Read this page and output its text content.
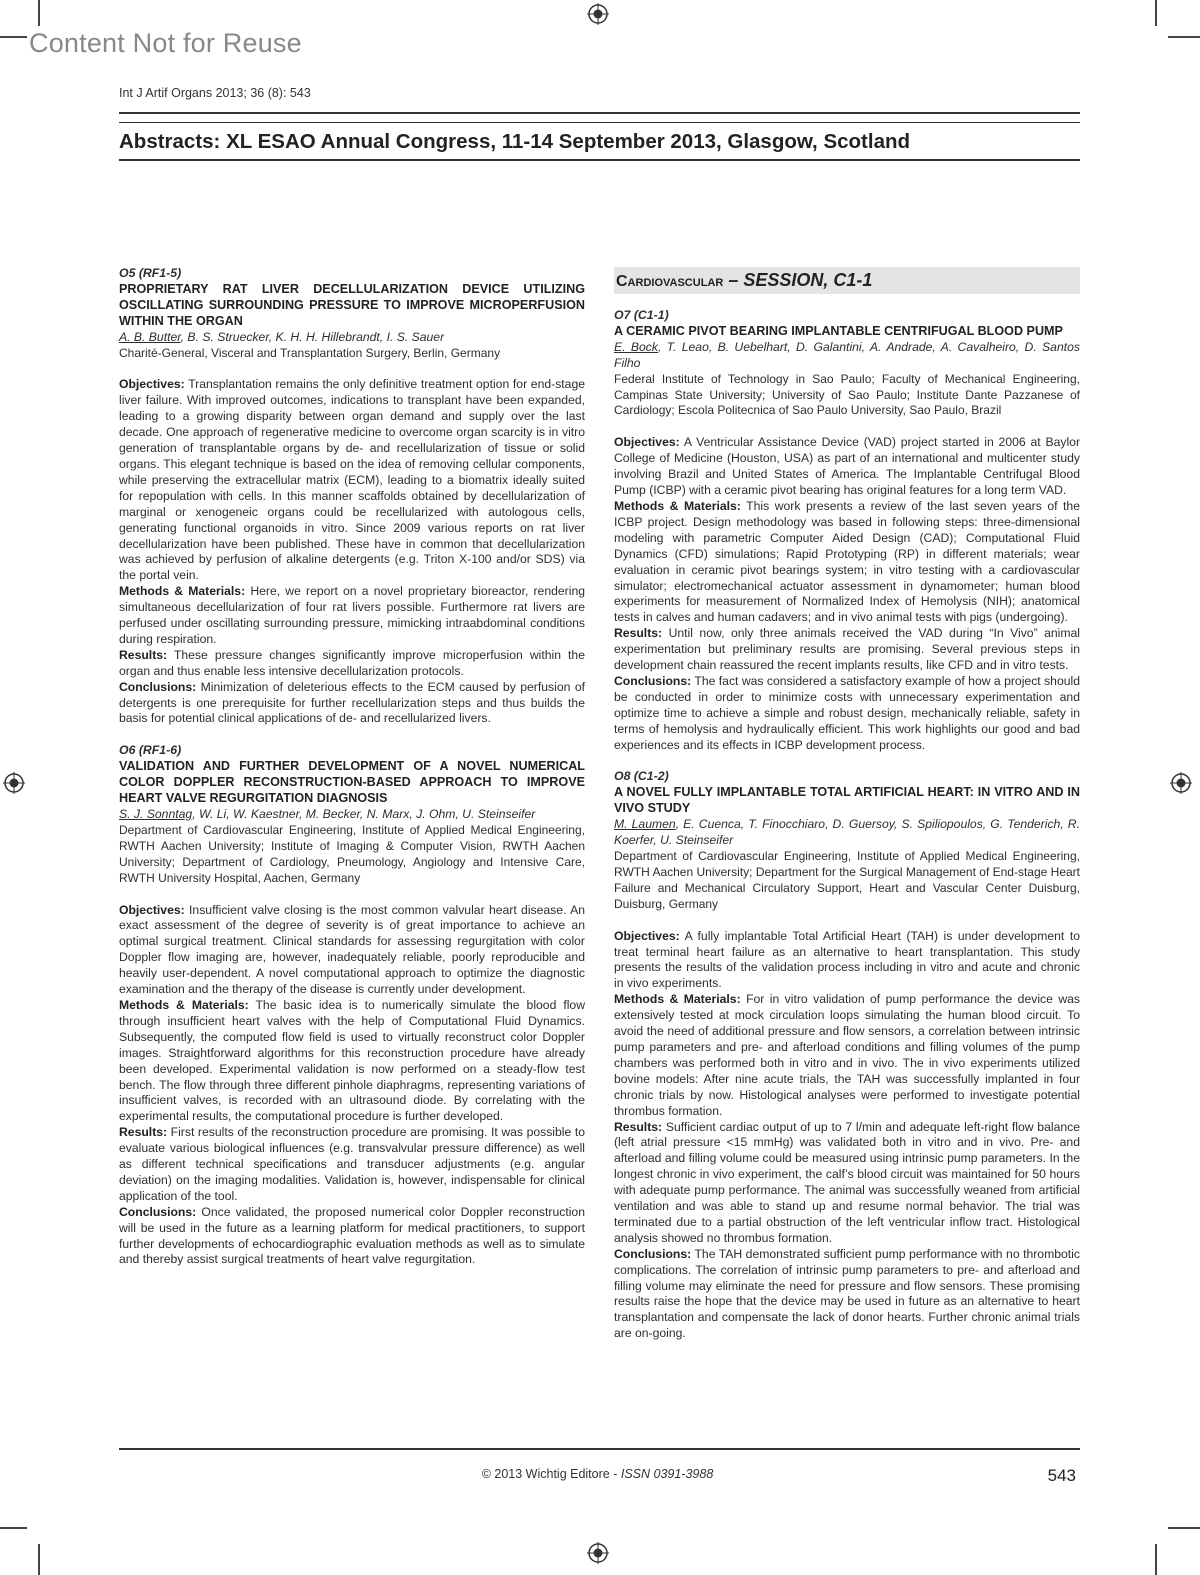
Content Not for Reuse
Int J Artif Organs 2013; 36 (8): 543
Abstracts: XL ESAO Annual Congress, 11-14 September 2013, Glasgow, Scotland

O5 (RF1-5)

PROPRIETARY RAT LIVER DECELLULARIZATION DEVICE UTILIZING OSCILLATING SURROUNDING PRESSURE TO IMPROVE MICROPERFUSION WITHIN THE ORGAN

A. B. Butter, B. S. Struecker, K. H. H. Hillebrandt, I. S. Sauer

Charité-General, Visceral and Transplantation Surgery, Berlin, Germany

Objectives: Transplantation remains the only definitive treatment option for end-stage liver failure. With improved outcomes, indications to transplant have been expanded, leading to a growing disparity between organ demand and supply over the last decade. One approach of regenerative medicine to overcome organ scarcity is in vitro generation of transplantable organs by de- and recellularization of tissue or solid organs. This elegant technique is based on the idea of removing cellular components, while preserving the extracellular matrix (ECM), leading to a biomatrix ideally suited for repopulation with cells. In this manner scaffolds obtained by decellularization of marginal or xenogeneic organs could be recellularized with autologous cells, generating functional organoids in vitro. Since 2009 various reports on rat liver decellularization have been published. These have in common that decellularization was achieved by perfusion of alkaline detergents (e.g. Triton X-100 and/or SDS) via the portal vein.

Methods & Materials: Here, we report on a novel proprietary bioreactor, rendering simultaneous decellularization of four rat livers possible. Furthermore rat livers are perfused under oscillating surrounding pressure, mimicking intraabdominal conditions during respiration.

Results: These pressure changes significantly improve microperfusion within the organ and thus enable less intensive decellularization protocols.

Conclusions: Minimization of deleterious effects to the ECM caused by perfusion of detergents is one prerequisite for further recellularization steps and thus builds the basis for potential clinical applications of de- and recellularized livers.

O6 (RF1-6)

VALIDATION AND FURTHER DEVELOPMENT OF A NOVEL NUMERICAL COLOR DOPPLER RECONSTRUCTION-BASED APPROACH TO IMPROVE HEART VALVE REGURGITATION DIAGNOSIS

S. J. Sonntag, W. Li, W. Kaestner, M. Becker, N. Marx, J. Ohm, U. Steinseifer

Department of Cardiovascular Engineering, Institute of Applied Medical Engineering, RWTH Aachen University; Institute of Imaging & Computer Vision, RWTH Aachen University; Department of Cardiology, Pneumology, Angiology and Intensive Care, RWTH University Hospital, Aachen, Germany

Objectives: Insufficient valve closing is the most common valvular heart disease. An exact assessment of the degree of severity is of great importance to achieve an optimal surgical treatment. Clinical standards for assessing regurgitation with color Doppler flow imaging are, however, inadequately reliable, poorly reproducible and heavily user-dependent. A novel computational approach to optimize the diagnostic examination and the therapy of the disease is currently under development.

Methods & Materials: The basic idea is to numerically simulate the blood flow through insufficient heart valves with the help of Computational Fluid Dynamics. Subsequently, the computed flow field is used to virtually reconstruct color Doppler images. Straightforward algorithms for this reconstruction procedure have already been developed. Experimental validation is now performed on a steady-flow test bench. The flow through three different pinhole diaphragms, representing variations of insufficient valves, is recorded with an ultrasound diode. By correlating with the experimental results, the computational procedure is further developed.

Results: First results of the reconstruction procedure are promising. It was possible to evaluate various biological influences (e.g. transvalvular pressure difference) as well as different technical specifications and transducer adjustments (e.g. angular deviation) on the imaging modalities. Validation is, however, indispensable for clinical application of the tool.

Conclusions: Once validated, the proposed numerical color Doppler reconstruction will be used in the future as a learning platform for medical practitioners, to support further developments of echocardiographic evaluation methods as well as to simulate and thereby assist surgical treatments of heart valve regurgitation.

Cardiovascular – SESSION, C1-1

O7 (C1-1)

A CERAMIC PIVOT BEARING IMPLANTABLE CENTRIFUGAL BLOOD PUMP

E. Bock, T. Leao, B. Uebelhart, D. Galantini, A. Andrade, A. Cavalheiro, D. Santos Filho

Federal Institute of Technology in Sao Paulo; Faculty of Mechanical Engineering, Campinas State University; University of Sao Paulo; Institute Dante Pazzanese of Cardiology; Escola Politecnica of Sao Paulo University, Sao Paulo, Brazil

Objectives: A Ventricular Assistance Device (VAD) project started in 2006 at Baylor College of Medicine (Houston, USA) as part of an international and multicenter study involving Brazil and United States of America. The Implantable Centrifugal Blood Pump (ICBP) with a ceramic pivot bearing has original features for a long term VAD.

Methods & Materials: This work presents a review of the last seven years of the ICBP project. Design methodology was based in following steps: three-dimensional modeling with parametric Computer Aided Design (CAD); Computational Fluid Dynamics (CFD) simulations; Rapid Prototyping (RP) in different materials; wear evaluation in ceramic pivot bearings system; in vitro testing with a cardiovascular simulator; electromechanical actuator assessment in dynamometer; human blood experiments for measurement of Normalized Index of Hemolysis (NIH); anatomical tests in calves and human cadavers; and in vivo animal tests with pigs (undergoing).

Results: Until now, only three animals received the VAD during “In Vivo” animal experimentation but preliminary results are promising. Several previous steps in development chain reassured the recent implants results, like CFD and in vitro tests.

Conclusions: The fact was considered a satisfactory example of how a project should be conducted in order to minimize costs with unnecessary experimentation and optimize time to achieve a simple and robust design, mechanically reliable, safety in terms of hemolysis and hydraulically efficient. This work highlights our good and bad experiences and its effects in ICBP development process.

O8 (C1-2)

A NOVEL FULLY IMPLANTABLE TOTAL ARTIFICIAL HEART: IN VITRO AND IN VIVO STUDY

M. Laumen, E. Cuenca, T. Finocchiaro, D. Guersoy, S. Spiliopoulos, G. Tenderich, R. Koerfer, U. Steinseifer

Department of Cardiovascular Engineering, Institute of Applied Medical Engineering, RWTH Aachen University; Department for the Surgical Management of End-stage Heart Failure and Mechanical Circulatory Support, Heart and Vascular Center Duisburg, Duisburg, Germany

Objectives: A fully implantable Total Artificial Heart (TAH) is under development to treat terminal heart failure as an alternative to heart transplantation. This study presents the results of the validation process including in vitro and acute and chronic in vivo experiments.

Methods & Materials: For in vitro validation of pump performance the device was extensively tested at mock circulation loops simulating the human blood circuit. To avoid the need of additional pressure and flow sensors, a correlation between intrinsic pump parameters and pre- and afterload conditions and filling volumes of the pump chambers was performed both in vitro and in vivo. The in vivo experiments utilized bovine models: After nine acute trials, the TAH was successfully implanted in four chronic trials by now. Histological analyses were performed to investigate potential thrombus formation.

Results: Sufficient cardiac output of up to 7 l/min and adequate left-right flow balance (left atrial pressure <15 mmHg) was validated both in vitro and in vivo. Pre- and afterload and filling volume could be measured using intrinsic pump parameters. In the longest chronic in vivo experiment, the calf’s blood circuit was maintained for 50 hours with adequate pump performance. The animal was successfully weaned from artificial ventilation and was able to stand up and resume normal behavior. The trial was terminated due to a partial obstruction of the left ventricular inflow tract. Histological analysis showed no thrombus formation.

Conclusions: The TAH demonstrated sufficient pump performance with no thrombotic complications. The correlation of intrinsic pump parameters to pre- and afterload and filling volume may eliminate the need for pressure and flow sensors. These promising results raise the hope that the device may be used in future as an alternative to heart transplantation and compensate the lack of donor hearts. Further chronic animal trials are on-going.

© 2013 Wichtig Editore - ISSN 0391-3988	543
